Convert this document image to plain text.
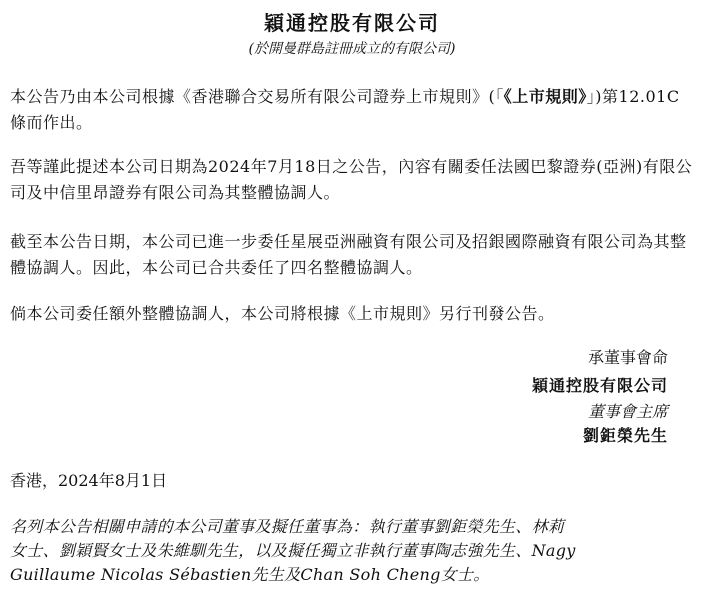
穎通控股有限公司
(於開曼群島註冊成立的有限公司)

本公告乃由本公司根據《香港聯合交易所有限公司證券上市規則》(「《上市規則》」)第12.01C條而作出。

吾等謹此提述本公司日期為2024年7月18日之公告，內容有關委任法國巴黎證券(亞洲)有限公司及中信里昂證券有限公司為其整體協調人。

截至本公告日期，本公司已進一步委任星展亞洲融資有限公司及招銀國際融資有限公司為其整體協調人。因此，本公司已合共委任了四名整體協調人。

倘本公司委任額外整體協調人，本公司將根據《上市規則》另行刊發公告。

承董事會命
穎通控股有限公司
董事會主席
劉鉅榮先生
香港，2024年8月1日

名列本公告相關申請的本公司董事及擬任董事為：執行董事劉鉅榮先生、林莉
女士、劉穎賢女士及朱維馴先生，以及擬任獨立非執行董事陶志強先生、Nagy
Guillaume Nicolas Sébastien先生及Chan Soh Cheng女士。
